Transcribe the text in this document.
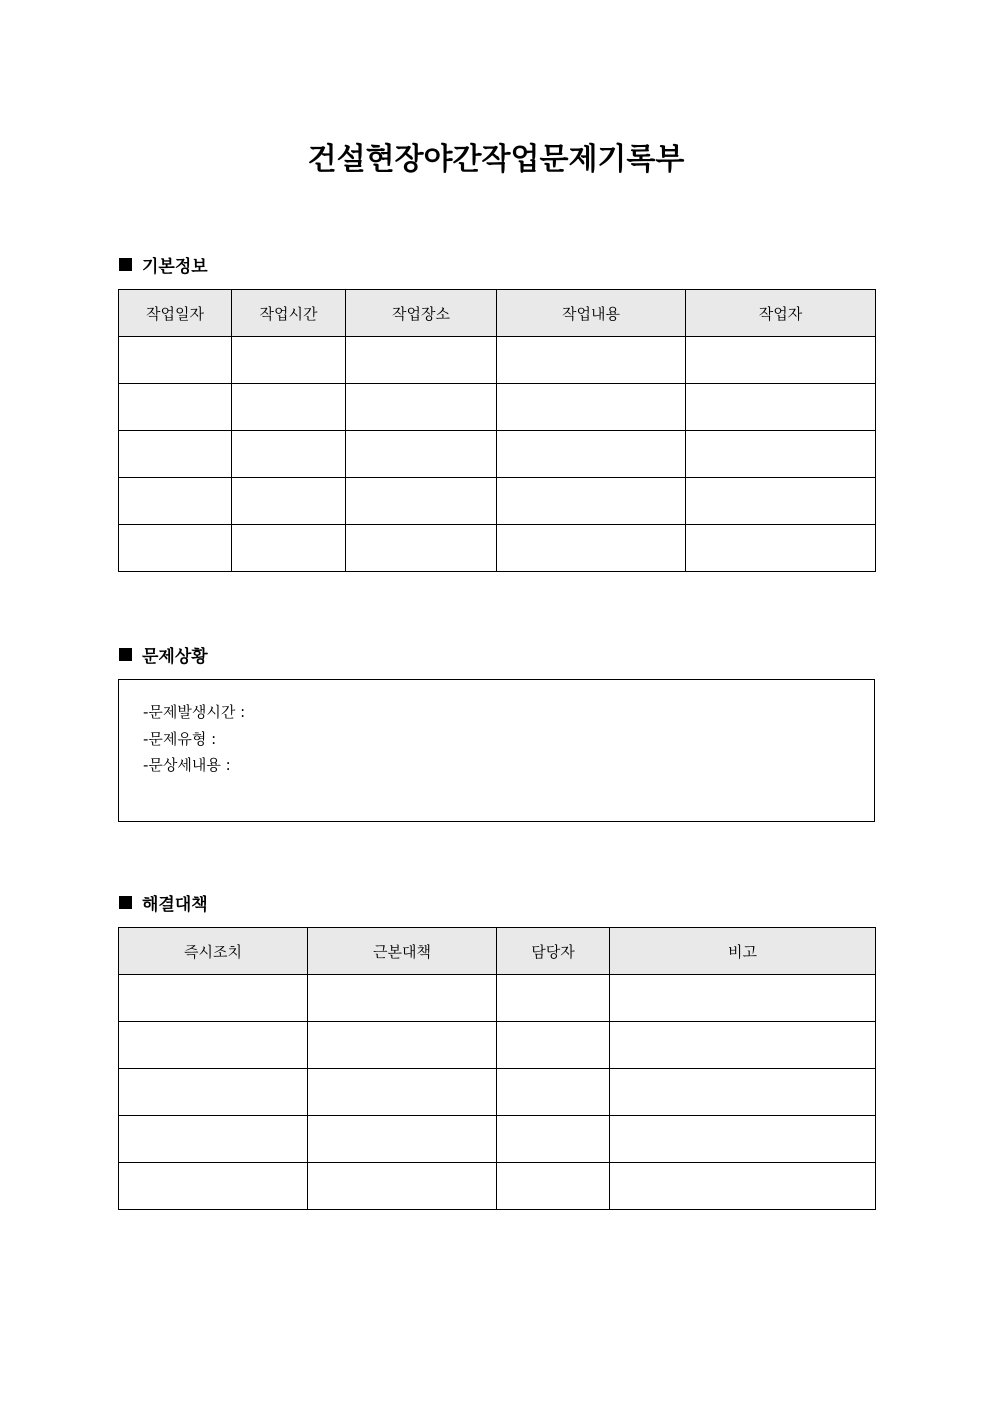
건설현장야간작업문제기록부
기본정보
작업일자	작업시간	작업장소	작업내용	작업자

문제상황
-문제발생시간 :
-문제유형 :
-문상세내용 :
해결대책
즉시조치	근본대책	담당자	비고
